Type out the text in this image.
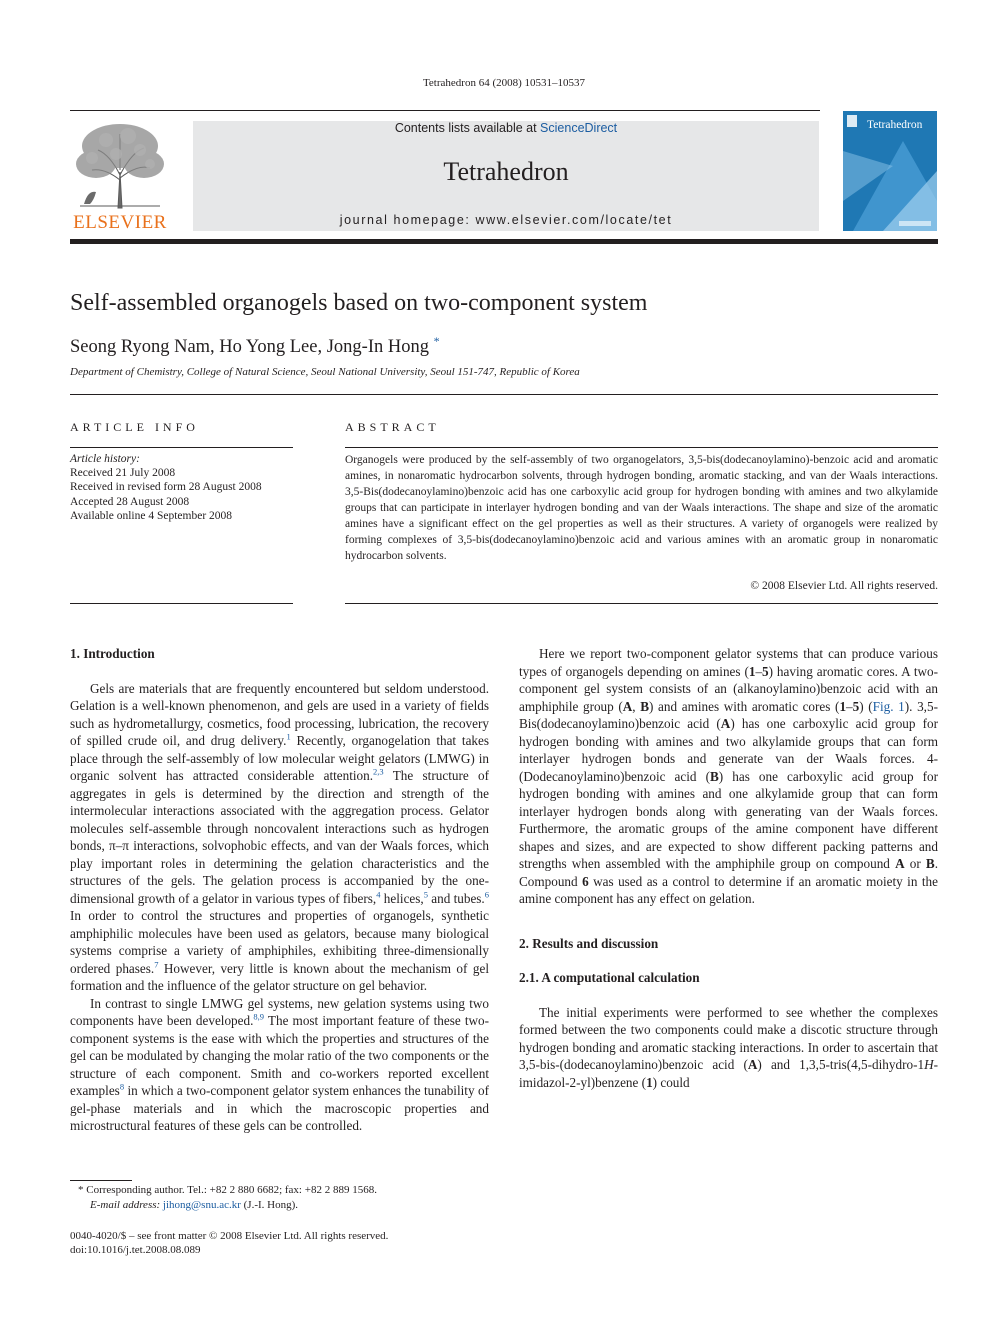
Tetrahedron 64 (2008) 10531–10537
ELSEVIER
Contents lists available at ScienceDirect
Tetrahedron
journal homepage: www.elsevier.com/locate/tet
Tetrahedron
Self-assembled organogels based on two-component system
Seong Ryong Nam, Ho Yong Lee, Jong-In Hong *
Department of Chemistry, College of Natural Science, Seoul National University, Seoul 151-747, Republic of Korea
ARTICLE INFO
Article history:
Received 21 July 2008
Received in revised form 28 August 2008
Accepted 28 August 2008
Available online 4 September 2008
ABSTRACT
Organogels were produced by the self-assembly of two organogelators, 3,5-bis(dodecanoylamino)-benzoic acid and aromatic amines, in nonaromatic hydrocarbon solvents, through hydrogen bonding, aromatic stacking, and van der Waals interactions. 3,5-Bis(dodecanoylamino)benzoic acid has one carboxylic acid group for hydrogen bonding with amines and two alkylamide groups that can participate in interlayer hydrogen bonding and van der Waals interactions. The shape and size of the aromatic amines have a significant effect on the gel properties as well as their structures. A variety of organogels were realized by forming complexes of 3,5-bis(dodecanoylamino)benzoic acid and various amines with an aromatic group in nonaromatic hydrocarbon solvents.
© 2008 Elsevier Ltd. All rights reserved.

1. Introduction

Gels are materials that are frequently encountered but seldom understood. Gelation is a well-known phenomenon, and gels are used in a variety of fields such as hydrometallurgy, cosmetics, food processing, lubrication, the recovery of spilled crude oil, and drug delivery.$^1$ Recently, organogelation that takes place through the self-assembly of low molecular weight gelators (LMWG) in organic solvent has attracted considerable attention.$^{2,3}$ The structure of aggregates in gels is determined by the direction and strength of the intermolecular interactions associated with the aggregation process. Gelator molecules self-assemble through noncovalent interactions such as hydrogen bonds, π–π interactions, solvophobic effects, and van der Waals forces, which play important roles in determining the gelation characteristics and the structures of the gels. The gelation process is accompanied by the one-dimensional growth of a gelator in various types of fibers,$^4$ helices,$^5$ and tubes.$^6$ In order to control the structures and properties of organogels, synthetic amphiphilic molecules have been used as gelators, because many biological systems comprise a variety of amphiphiles, exhibiting three-dimensionally ordered phases.$^7$ However, very little is known about the mechanism of gel formation and the influence of the gelator structure on gel behavior.

In contrast to single LMWG gel systems, new gelation systems using two components have been developed.$^{8,9}$ The most important feature of these two-component systems is the ease with which the properties and structures of the gel can be modulated by changing the molar ratio of the two components or the structure of each component. Smith and co-workers reported excellent examples$^8$ in which a two-component gelator system enhances the tunability of gel-phase materials and in which the macroscopic properties and microstructural features of these gels can be controlled.

Here we report two-component gelator systems that can produce various types of organogels depending on amines (1–5) having aromatic cores. A two-component gel system consists of an (alkanoylamino)benzoic acid with an amphiphile group (A, B) and amines with aromatic cores (1–5) (Fig. 1). 3,5-Bis(dodecanoylamino)benzoic acid (A) has one carboxylic acid group for hydrogen bonding with amines and two alkylamide groups that can form interlayer hydrogen bonds and generate van der Waals forces. 4-(Dodecanoylamino)benzoic acid (B) has one carboxylic acid group for hydrogen bonding with amines and one alkylamide group that can form interlayer hydrogen bonds along with generating van der Waals forces. Furthermore, the aromatic groups of the amine component have different shapes and sizes, and are expected to show different packing patterns and strengths when assembled with the amphiphile group on compound A or B. Compound 6 was used as a control to determine if an aromatic moiety in the amine component has any effect on gelation.

2. Results and discussion

2.1. A computational calculation

The initial experiments were performed to see whether the complexes formed between the two components could make a discotic structure through hydrogen bonding and aromatic stacking interactions. In order to ascertain that 3,5-bis-(dodecanoylamino)benzoic acid (A) and 1,3,5-tris(4,5-dihydro-1H-imidazol-2-yl)benzene (1) could

* Corresponding author. Tel.: +82 2 880 6682; fax: +82 2 889 1568.
E-mail address: jihong@snu.ac.kr (J.-I. Hong).
0040-4020/$ – see front matter © 2008 Elsevier Ltd. All rights reserved.
doi:10.1016/j.tet.2008.08.089
